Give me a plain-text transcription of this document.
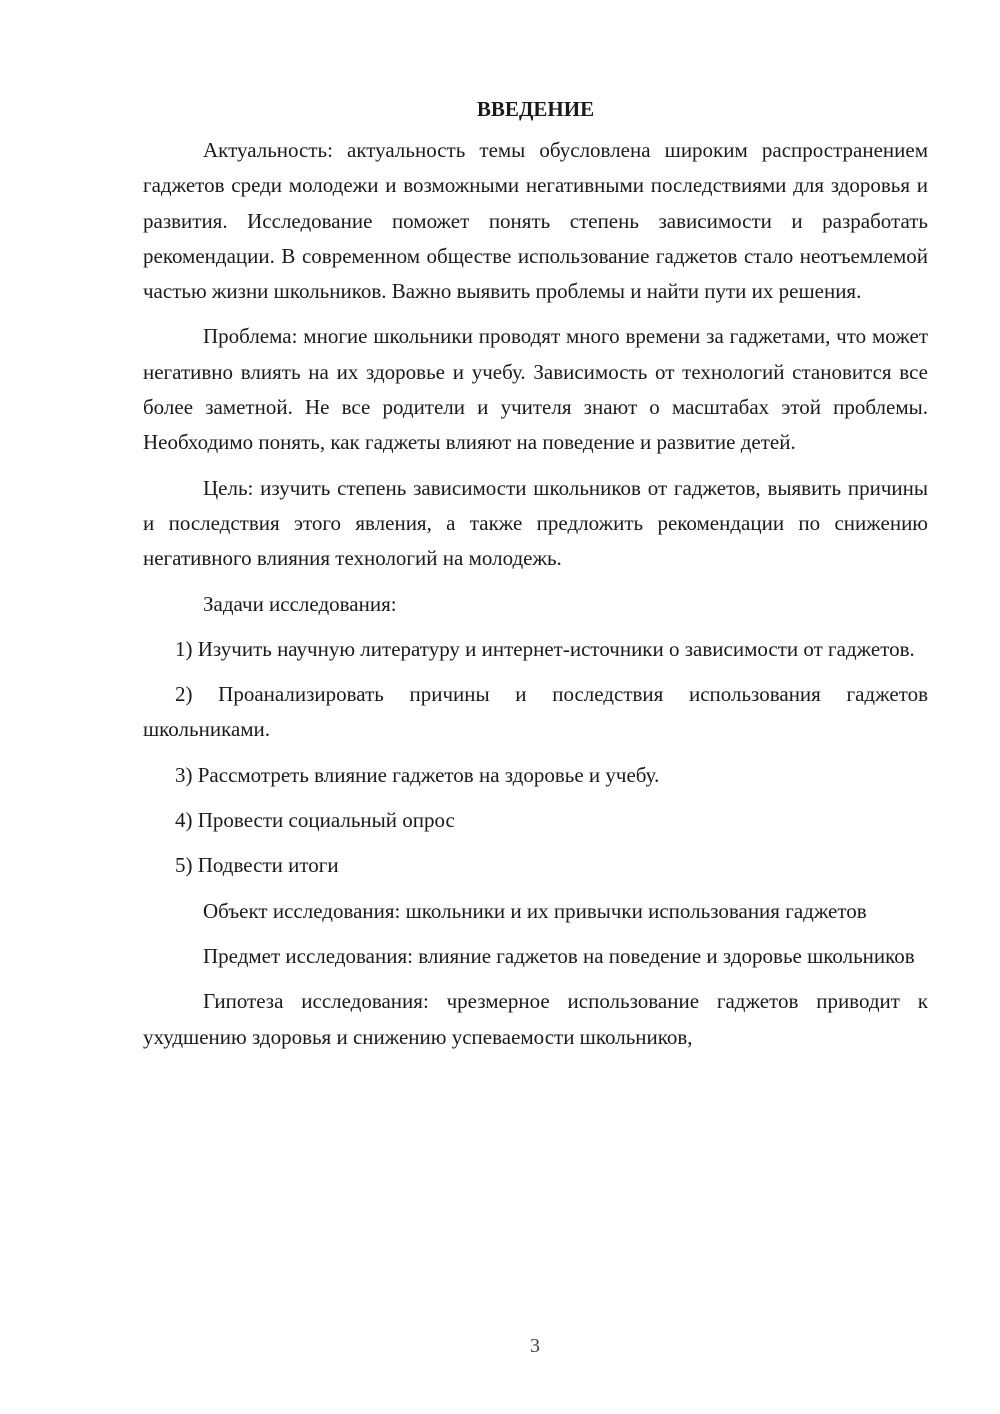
ВВЕДЕНИЕ

Актуальность: актуальность темы обусловлена широким распространением гаджетов среди молодежи и возможными негативными последствиями для здоровья и развития. Исследование поможет понять степень зависимости и разработать рекомендации. В современном обществе использование гаджетов стало неотъемлемой частью жизни школьников. Важно выявить проблемы и найти пути их решения.

Проблема: многие школьники проводят много времени за гаджетами, что может негативно влиять на их здоровье и учебу. Зависимость от технологий становится все более заметной. Не все родители и учителя знают о масштабах этой проблемы. Необходимо понять, как гаджеты влияют на поведение и развитие детей.

Цель: изучить степень зависимости школьников от гаджетов, выявить причины и последствия этого явления, а также предложить рекомендации по снижению негативного влияния технологий на молодежь.

Задачи исследования:

1) Изучить научную литературу и интернет-источники о зависимости от гаджетов.

2) Проанализировать причины и последствия использования гаджетов школьниками.

3) Рассмотреть влияние гаджетов на здоровье и учебу.

4) Провести социальный опрос

5) Подвести итоги

Объект исследования: школьники и их привычки использования гаджетов

Предмет исследования: влияние гаджетов на поведение и здоровье школьников

Гипотеза исследования: чрезмерное использование гаджетов приводит к ухудшению здоровья и снижению успеваемости школьников,

3
